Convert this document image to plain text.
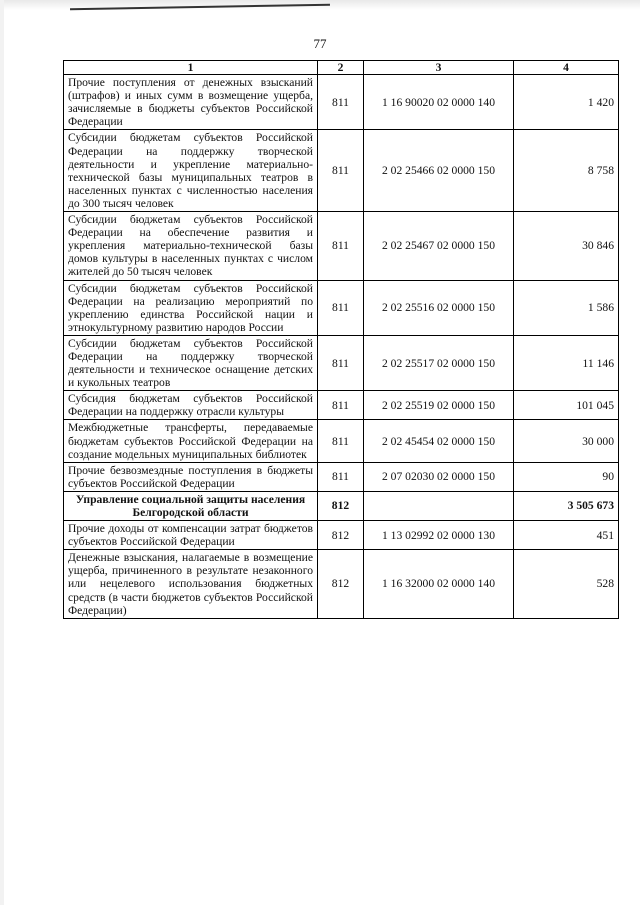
77
1	2	3	4
Прочие поступления от денежных взысканий (штрафов) и иных сумм в возмещение ущерба, зачисляемые в бюджеты субъектов Российской Федерации	811	1 16 90020 02 0000 140	1 420
Субсидии бюджетам субъектов Российской Федерации на поддержку творческой деятельности и укрепление материально-технической базы муниципальных театров в населенных пунктах с численностью населения до 300 тысяч человек	811	2 02 25466 02 0000 150	8 758
Субсидии бюджетам субъектов Российской Федерации на обеспечение развития и укрепления материально-технической базы домов культуры в населенных пунктах с числом жителей до 50 тысяч человек	811	2 02 25467 02 0000 150	30 846
Субсидии бюджетам субъектов Российской Федерации на реализацию мероприятий по укреплению единства Российской нации и этнокультурному развитию народов России	811	2 02 25516 02 0000 150	1 586
Субсидии бюджетам субъектов Российской Федерации на поддержку творческой деятельности и техническое оснащение детских и кукольных театров	811	2 02 25517 02 0000 150	11 146
Субсидия бюджетам субъектов Российской Федерации на поддержку отрасли культуры	811	2 02 25519 02 0000 150	101 045
Межбюджетные трансферты, передаваемые бюджетам субъектов Российской Федерации на создание модельных муниципальных библиотек	811	2 02 45454 02 0000 150	30 000
Прочие безвозмездные поступления в бюджеты субъектов Российской Федерации	811	2 07 02030 02 0000 150	90
Управление социальной защиты населения Белгородской области	812		3 505 673
Прочие доходы от компенсации затрат бюджетов субъектов Российской Федерации	812	1 13 02992 02 0000 130	451
Денежные взыскания, налагаемые в возмещение ущерба, причиненного в результате незаконного или нецелевого использования бюджетных средств (в части бюджетов субъектов Российской Федерации)	812	1 16 32000 02 0000 140	528
